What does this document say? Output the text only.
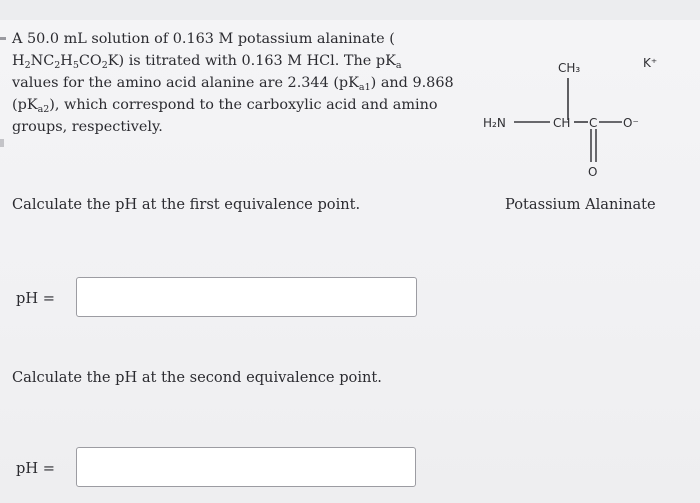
A 50.0 mL solution of 0.163 M potassium alaninate (
$H_2NC_2H_5CO_2K$) is titrated with 0.163 M HCl. The $pK_a$
values for the amino acid alanine are 2.344 $(pK_{a1})$ and 9.868
$(pK_{a2})$, which correspond to the carboxylic acid and amino
groups, respectively.
Calculate the pH at the first equivalence point.
pH =
Calculate the pH at the second equivalence point.
pH =
CH₃	K⁺
H₂N	CH C O⁻
O
Potassium Alaninate
